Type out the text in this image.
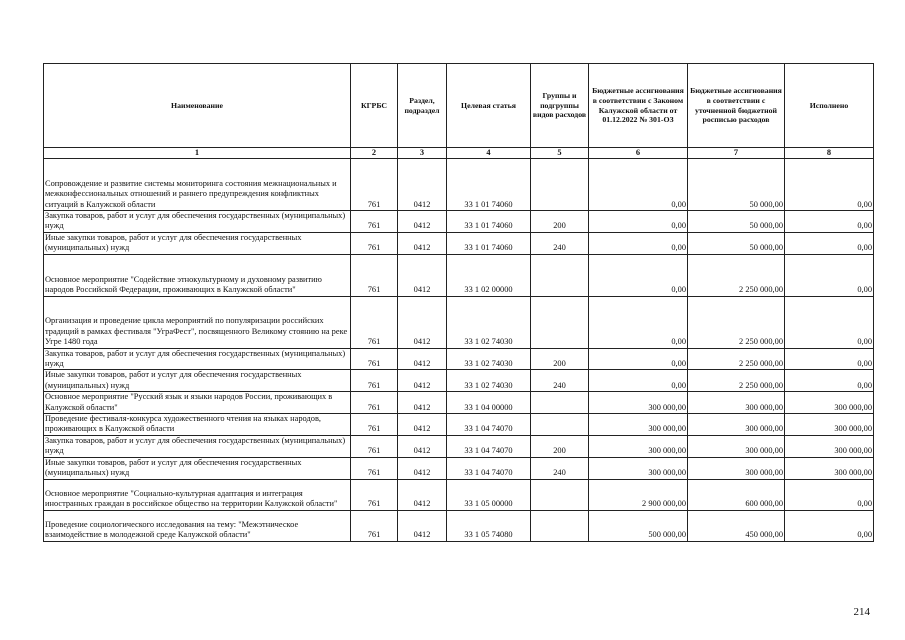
Наименование	КГРБС	Раздел, подраздел	Целевая статья	Группы и подгруппы видов расходов	Бюджетные ассигнования в соответствии с Законом Калужской области от 01.12.2022 № 301-ОЗ	Бюджетные ассигнования в соответствии с уточненной бюджетной росписью расходов	Исполнено
1	2	3	4	5	6	7	8
Сопровождение и развитие системы мониторинга состояния межнациональных и межконфессиональных отношений и раннего предупреждения конфликтных ситуаций в Калужской области	761	0412	33 1 01 74060		0,00	50 000,00	0,00
Закупка товаров, работ и услуг для обеспечения государственных (муниципальных) нужд	761	0412	33 1 01 74060	200	0,00	50 000,00	0,00
Иные закупки товаров, работ и услуг для обеспечения государственных (муниципальных) нужд	761	0412	33 1 01 74060	240	0,00	50 000,00	0,00
Основное мероприятие "Содействие этнокультурному и духовному развитию народов Российской Федерации, проживающих в Калужской области"	761	0412	33 1 02 00000		0,00	2 250 000,00	0,00
Организация и проведение цикла мероприятий по популяризации российских традиций в рамках фестиваля "УграФест", посвященного Великому стоянию на реке Угре 1480 года	761	0412	33 1 02 74030		0,00	2 250 000,00	0,00
Закупка товаров, работ и услуг для обеспечения государственных (муниципальных) нужд	761	0412	33 1 02 74030	200	0,00	2 250 000,00	0,00
Иные закупки товаров, работ и услуг для обеспечения государственных (муниципальных) нужд	761	0412	33 1 02 74030	240	0,00	2 250 000,00	0,00
Основное мероприятие "Русский язык и языки народов России, проживающих в Калужской области"	761	0412	33 1 04 00000		300 000,00	300 000,00	300 000,00
Проведение фестиваля-конкурса художественного чтения на языках народов, проживающих в Калужской области	761	0412	33 1 04 74070		300 000,00	300 000,00	300 000,00
Закупка товаров, работ и услуг для обеспечения государственных (муниципальных) нужд	761	0412	33 1 04 74070	200	300 000,00	300 000,00	300 000,00
Иные закупки товаров, работ и услуг для обеспечения государственных (муниципальных) нужд	761	0412	33 1 04 74070	240	300 000,00	300 000,00	300 000,00
Основное мероприятие "Социально-культурная адаптация и интеграция иностранных граждан в российское общество на территории Калужской области"	761	0412	33 1 05 00000		2 900 000,00	600 000,00	0,00
Проведение социологического исследования на тему: "Межэтническое взаимодействие в молодежной среде Калужской области"	761	0412	33 1 05 74080		500 000,00	450 000,00	0,00
214
